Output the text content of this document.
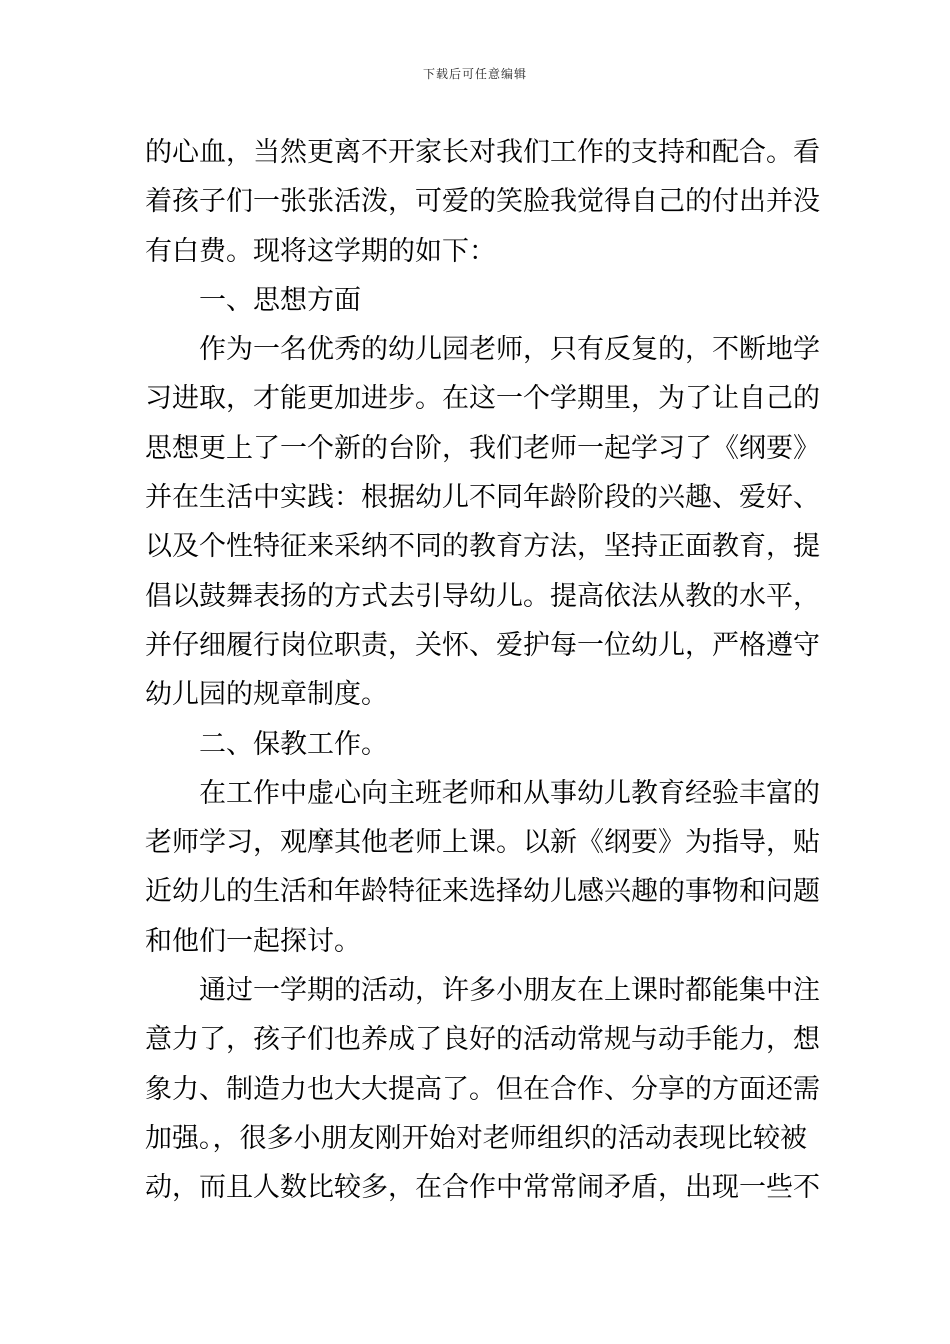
下载后可任意编辑
的心血，当然更离不开家长对我们工作的支持和配合。看
着孩子们一张张活泼，可爱的笑脸我觉得自己的付出并没
有白费。现将这学期的如下：
一、思想方面
作为一名优秀的幼儿园老师，只有反复的，不断地学
习进取，才能更加进步。在这一个学期里，为了让自己的
思想更上了一个新的台阶，我们老师一起学习了《纲要》
并在生活中实践：根据幼儿不同年龄阶段的兴趣、爱好、
以及个性特征来采纳不同的教育方法，坚持正面教育，提
倡以鼓舞表扬的方式去引导幼儿。提高依法从教的水平，
并仔细履行岗位职责，关怀、爱护每一位幼儿，严格遵守
幼儿园的规章制度。
二、保教工作。
在工作中虚心向主班老师和从事幼儿教育经验丰富的
老师学习，观摩其他老师上课。以新《纲要》为指导，贴
近幼儿的生活和年龄特征来选择幼儿感兴趣的事物和问题
和他们一起探讨。
通过一学期的活动，许多小朋友在上课时都能集中注
意力了，孩子们也养成了良好的活动常规与动手能力，想
象力、制造力也大大提高了。但在合作、分享的方面还需
加强。，很多小朋友刚开始对老师组织的活动表现比较被
动，而且人数比较多，在合作中常常闹矛盾，出现一些不
